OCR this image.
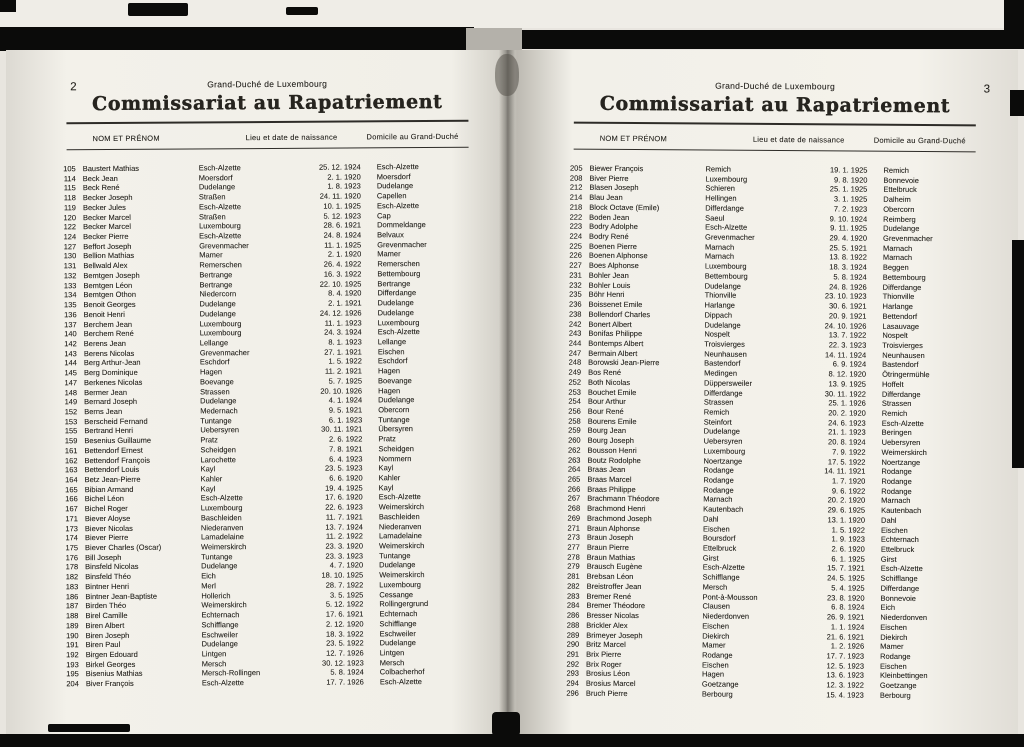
2	Grand-Duché de Luxembourg
Commissariat au Rapatriement
NOM ET PRÉNOM	Lieu et date de naissance	Domicile au Grand-Duché
105 Baustert Mathias	Esch-Alzette	25. 12. 1924	Esch-Alzette
114 Beck Jean	Moersdorf	2. 1. 1920	Moersdorf
115 Beck René	Dudelange	1. 8. 1923	Dudelange
118 Becker Joseph	Straßen	24. 11. 1920	Capellen
119 Becker Jules	Esch-Alzette	10. 1. 1925	Esch-Alzette
120 Becker Marcel	Straßen	5. 12. 1923	Cap
122 Becker Marcel	Luxembourg	28. 6. 1921	Dommeldange
124 Becker Pierre	Esch-Alzette	24. 8. 1924	Belvaux
127 Beffort Joseph	Grevenmacher	11. 1. 1925	Grevenmacher
130 Bellion Mathias	Mamer	2. 1. 1920	Mamer
131 Bellwald Alex	Remerschen	26. 4. 1922	Remerschen
132 Bemtgen Joseph	Bertrange	16. 3. 1922	Bettembourg
133 Bemtgen Léon	Bertrange	22. 10. 1925	Bertrange
134 Bemtgen Othon	Niedercorn	8. 4. 1920	Differdange
135 Benoit Georges	Dudelange	2. 1. 1921	Dudelange
136 Benoit Henri	Dudelange	24. 12. 1926	Dudelange
137 Berchem Jean	Luxembourg	11. 1. 1923	Luxembourg
140 Berchem René	Luxembourg	24. 3. 1924	Esch-Alzette
142 Berens Jean	Lellange	8. 1. 1923	Lellange
143 Berens Nicolas	Grevenmacher	27. 1. 1921	Eischen
144 Berg Arthur-Jean	Eschdorf	1. 5. 1922	Eschdorf
145 Berg Dominique	Hagen	11. 2. 1921	Hagen
147 Berkenes Nicolas	Boevange	5. 7. 1925	Boevange
148 Bermer Jean	Strassen	20. 10. 1926	Hagen
149 Bernard Joseph	Dudelange	4. 1. 1924	Dudelange
152 Berns Jean	Medernach	9. 5. 1921	Obercorn
153 Berscheid Fernand	Tuntange	6. 1. 1923	Tuntange
155 Bertrand Henri	Uebersyren	30. 11. 1921	Übersyren
159 Besenius Guillaume	Pratz	2. 6. 1922	Pratz
161 Bettendorf Ernest	Scheidgen	7. 8. 1921	Scheidgen
162 Bettendorf François	Larochette	6. 4. 1923	Nommern
163 Bettendorf Louis	Kayl	23. 5. 1923	Kayl
164 Betz Jean-Pierre	Kahler	6. 6. 1920	Kahler
165 Bibian Armand	Kayl	19. 4. 1925	Kayl
166 Bichel Léon	Esch-Alzette	17. 6. 1920	Esch-Alzette
167 Bichel Roger	Luxembourg	22. 6. 1923	Weimerskirch
171 Biever Aloyse	Baschleiden	11. 7. 1921	Baschleiden
173 Biever Nicolas	Niederanven	13. 7. 1924	Niederanven
174 Biever Pierre	Lamadelaine	11. 2. 1922	Lamadelaine
175 Biever Charles (Oscar)	Weimerskirch	23. 3. 1920	Weimerskirch
176 Bill Joseph	Tuntange	23. 3. 1923	Tuntange
178 Binsfeld Nicolas	Dudelange	4. 7. 1920	Dudelange
182 Binsfeld Théo	Eich	18. 10. 1925	Weimerskirch
183 Bintner Henri	Merl	28. 7. 1922	Luxembourg
186 Bintner Jean-Baptiste	Hollerich	3. 5. 1925	Cessange
187 Birden Théo	Weimerskirch	5. 12. 1922	Rollingergrund
188 Birel Camille	Echternach	17. 6. 1921	Echternach
189 Biren Albert	Schifflange	2. 12. 1920	Schifflange
190 Biren Joseph	Eschweiler	18. 3. 1922	Eschweiler
191 Biren Paul	Dudelange	23. 5. 1922	Dudelange
192 Birgen Edouard	Lintgen	12. 7. 1926	Lintgen
193 Birkel Georges	Mersch	30. 12. 1923	Mersch
195 Bisenius Mathias	Mersch-Rollingen	5. 8. 1924	Colbacherhof
204 Biver François	Esch-Alzette	17. 7. 1926	Esch-Alzette
3
Grand-Duché de Luxembourg
Commissariat au Rapatriement
NOM ET PRÉNOM	Lieu et date de naissance	Domicile au Grand-Duché
205 Biewer François	Remich	19. 1. 1925	Remich
208 Biver Pierre	Luxembourg	9. 8. 1920	Bonnevoie
212 Blasen Joseph	Schieren	25. 1. 1925	Ettelbruck
214 Blau Jean	Hellingen	3. 1. 1925	Dalheim
218 Block Octave (Emile)	Differdange	7. 2. 1923	Obercorn
222 Boden Jean	Saeul	9. 10. 1924	Reimberg
223 Bodry Adolphe	Esch-Alzette	9. 11. 1925	Dudelange
224 Bodry René	Grevenmacher	29. 4. 1920	Grevenmacher
225 Boenen Pierre	Marnach	25. 5. 1921	Marnach
226 Boenen Alphonse	Marnach	13. 8. 1922	Marnach
227 Boes Alphonse	Luxembourg	18. 3. 1924	Beggen
231 Bohler Jean	Bettembourg	5. 8. 1924	Bettembourg
232 Bohler Louis	Dudelange	24. 8. 1926	Differdange
235 Böhr Henri	Thionville	23. 10. 1923	Thionville
236 Boissenet Emile	Harlange	30. 6. 1921	Harlange
238 Bollendorf Charles	Dippach	20. 9. 1921	Bettendorf
242 Bonert Albert	Dudelange	24. 10. 1926	Lasauvage
243 Bonifas Philippe	Nospelt	13. 7. 1922	Nospelt
244 Bontemps Albert	Troisvierges	22. 3. 1923	Troisvierges
247 Bermain Albert	Neunhausen	14. 11. 1924	Neunhausen
248 Borowski Jean-Pierre	Bastendorf	6. 9. 1924	Bastendorf
249 Bos René	Medingen	8. 12. 1920	Ötringermühle
252 Both Nicolas	Düppersweiler	13. 9. 1925	Hoffelt
253 Bouchet Emile	Differdange	30. 11. 1922	Differdange
254 Bour Arthur	Strassen	25. 1. 1926	Strassen
256 Bour René	Remich	20. 2. 1920	Remich
258 Bourens Emile	Steinfort	24. 6. 1923	Esch-Alzette
259 Bourg Jean	Dudelange	21. 1. 1923	Beringen
260 Bourg Joseph	Uebersyren	20. 8. 1924	Uebersyren
262 Bousson Henri	Luxembourg	7. 9. 1922	Weimerskirch
263 Boutz Rodolphe	Noertzange	17. 5. 1922	Noertzange
264 Braas Jean	Rodange	14. 11. 1921	Rodange
265 Braas Marcel	Rodange	1. 7. 1920	Rodange
266 Braas Philippe	Rodange	9. 6. 1922	Rodange
267 Brachmann Théodore	Marnach	20. 2. 1920	Marnach
268 Brachmond Henri	Kautenbach	29. 6. 1925	Kautenbach
269 Brachmond Joseph	Dahl	13. 1. 1920	Dahl
271 Braun Alphonse	Eischen	1. 5. 1922	Eischen
273 Braun Joseph	Boursdorf	1. 9. 1923	Echternach
277 Braun Pierre	Ettelbruck	2. 6. 1920	Ettelbruck
278 Braun Mathias	Girst	6. 1. 1925	Girst
279 Brausch Eugène	Esch-Alzette	15. 7. 1921	Esch-Alzette
281 Brebsan Léon	Schifflange	24. 5. 1925	Schifflange
282 Breistroffer Jean	Mersch	5. 4. 1925	Differdange
283 Bremer René	Pont-à-Mousson	23. 8. 1920	Bonnevoie
284 Bremer Théodore	Clausen	6. 8. 1924	Eich
286 Bresser Nicolas	Niederdonven	26. 9. 1921	Niederdonven
288 Brickler Alex	Eischen	1. 1. 1924	Eischen
289 Brimeyer Joseph	Diekirch	21. 6. 1921	Diekirch
290 Britz Marcel	Mamer	1. 2. 1926	Mamer
291 Brix Pierre	Rodange	17. 7. 1923	Rodange
292 Brix Roger	Eischen	12. 5. 1923	Eischen
293 Brosius Léon	Hagen	13. 6. 1923	Kleinbettingen
294 Brosius Marcel	Goetzange	12. 3. 1922	Goetzange
296 Bruch Pierre	Berbourg	15. 4. 1923	Berbourg
